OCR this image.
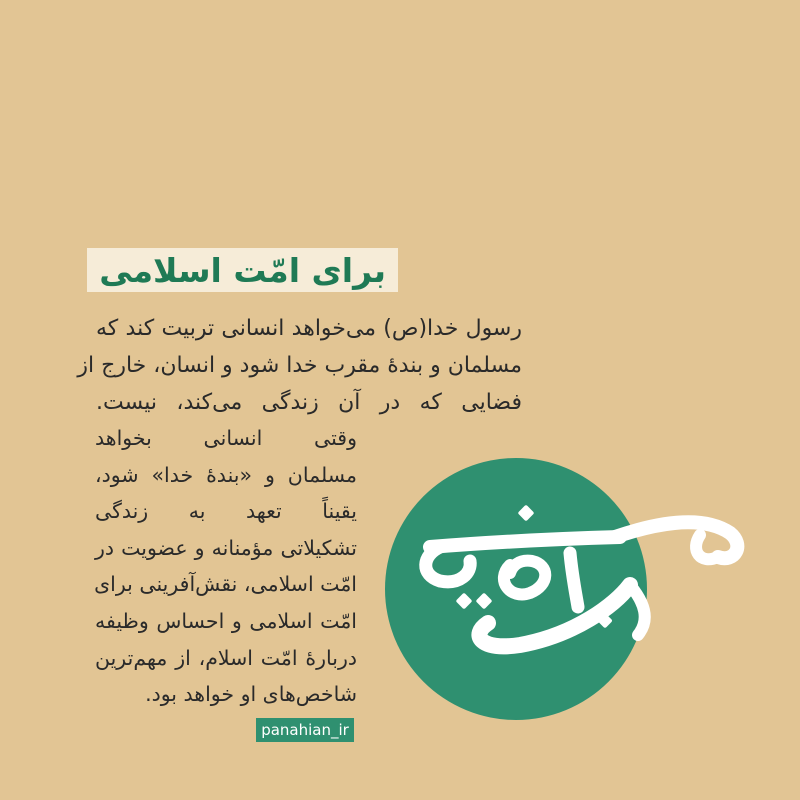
برای امّت اسلامی
رسول خدا(ص) می‌خواهد انسانی تربیت کند که
مسلمان و بندهٔ مقرب خدا شود و انسان، خارج از
فضایی که در آن زندگی می‌کند، نیست.
وقتی انسانی بخواهد
مسلمان و «بندهٔ خدا» شود،
یقیناً تعهد به زندگی
تشکیلاتی مؤمنانه و عضویت در
امّت اسلامی، نقش‌آفرینی برای
امّت اسلامی و احساس وظیفه
دربارهٔ امّت اسلام، از مهم‌ترین
شاخص‌های او خواهد بود.
panahian_ir
